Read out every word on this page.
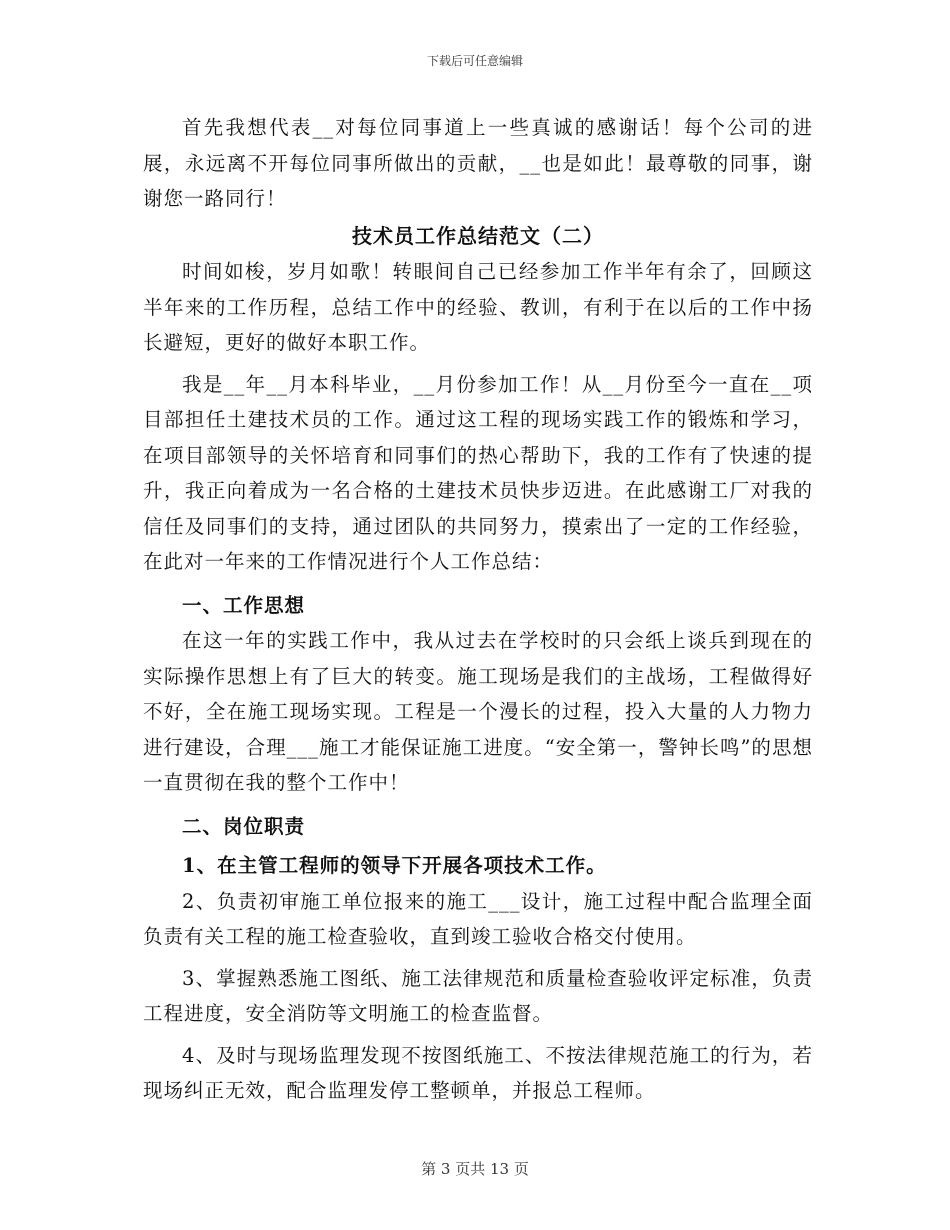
下载后可任意编辑

首先我想代表__对每位同事道上一些真诚的感谢话！每个公司的进展，永远离不开每位同事所做出的贡献，__也是如此！最尊敬的同事，谢谢您一路同行！

技术员工作总结范文（二）

时间如梭，岁月如歌！转眼间自己已经参加工作半年有余了，回顾这半年来的工作历程，总结工作中的经验、教训，有利于在以后的工作中扬长避短，更好的做好本职工作。

我是__年__月本科毕业，__月份参加工作！从__月份至今一直在__项目部担任土建技术员的工作。通过这工程的现场实践工作的锻炼和学习，在项目部领导的关怀培育和同事们的热心帮助下，我的工作有了快速的提升，我正向着成为一名合格的土建技术员快步迈进。在此感谢工厂对我的信任及同事们的支持，通过团队的共同努力，摸索出了一定的工作经验，在此对一年来的工作情况进行个人工作总结：

一、工作思想

在这一年的实践工作中，我从过去在学校时的只会纸上谈兵到现在的实际操作思想上有了巨大的转变。施工现场是我们的主战场，工程做得好不好，全在施工现场实现。工程是一个漫长的过程，投入大量的人力物力进行建设，合理___施工才能保证施工进度。“安全第一，警钟长鸣”的思想一直贯彻在我的整个工作中！

二、岗位职责

1、在主管工程师的领导下开展各项技术工作。

2、负责初审施工单位报来的施工___设计，施工过程中配合监理全面负责有关工程的施工检查验收，直到竣工验收合格交付使用。

3、掌握熟悉施工图纸、施工法律规范和质量检查验收评定标准，负责工程进度，安全消防等文明施工的检查监督。

4、及时与现场监理发现不按图纸施工、不按法律规范施工的行为，若现场纠正无效，配合监理发停工整顿单，并报总工程师。

第 3 页共 13 页
